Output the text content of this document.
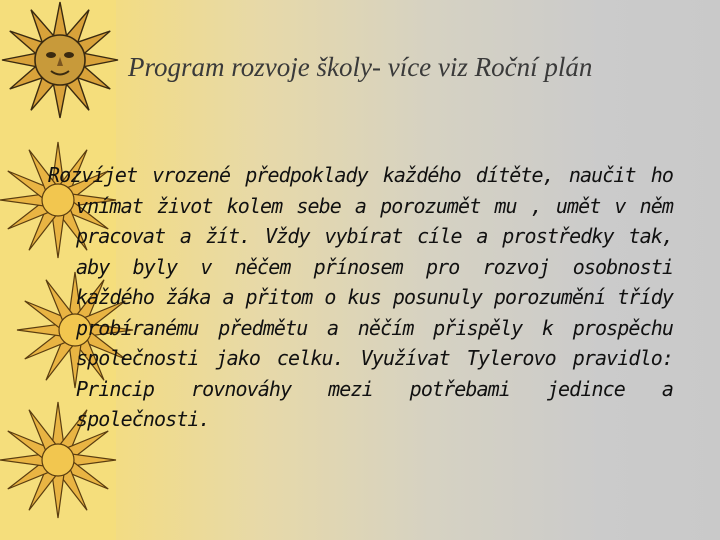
Program rozvoje školy- více viz Roční plán

Rozvíjet vrozené předpoklady každého dítěte, naučit ho vnímat život kolem sebe a porozumět mu , umět v něm pracovat a žít. Vždy vybírat cíle a prostředky tak, aby byly v něčem přínosem pro rozvoj osobnosti každého žáka a přitom o kus posunuly porozumění třídy probíranému předmětu a něčím přispěly k prospěchu společnosti jako celku. Využívat Tylerovo pravidlo: Princip rovnováhy mezi potřebami jedince a společnosti.
